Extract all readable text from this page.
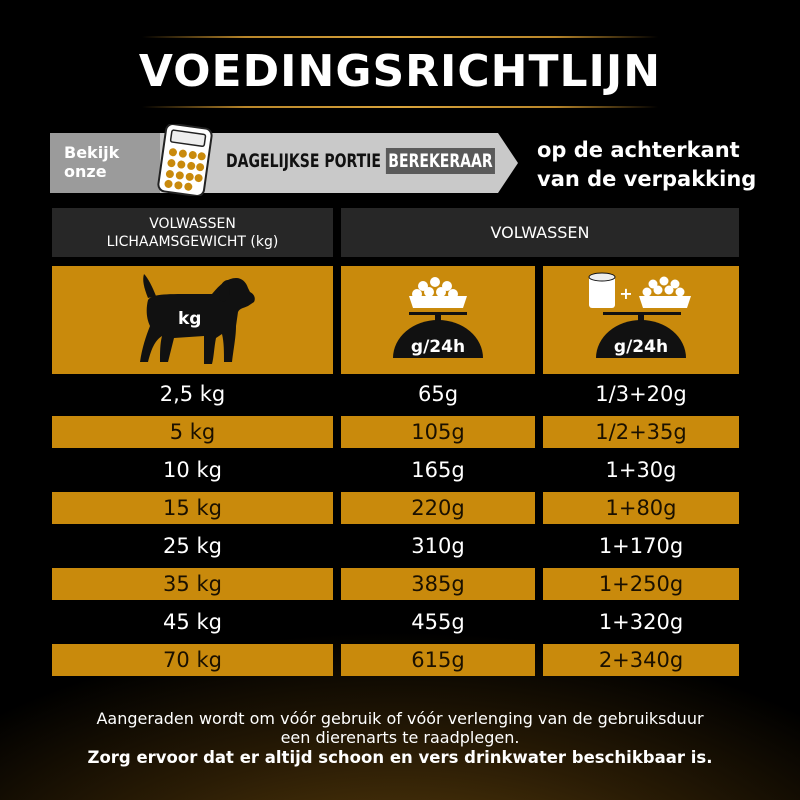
VOEDINGSRICHTLIJN
Bekijk onze	DAGELIJKSE PORTIE BEREKERAAR op de achterkant
van de verpakking
VOLWASSEN
LICHAAMSGEWICHT (kg)	VOLWASSEN
kg
g/24h
+
g/24h
2,5 kg	65g	1/3+20g
5 kg	105g	1/2+35g
10 kg	165g	1+30g
15 kg	220g	1+80g
25 kg	310g	1+170g
35 kg	385g	1+250g
45 kg	455g	1+320g
70 kg	615g	2+340g
Aangeraden wordt om vóór gebruik of vóór verlenging van de gebruiksduur
een dierenarts te raadplegen.
Zorg ervoor dat er altijd schoon en vers drinkwater beschikbaar is.
